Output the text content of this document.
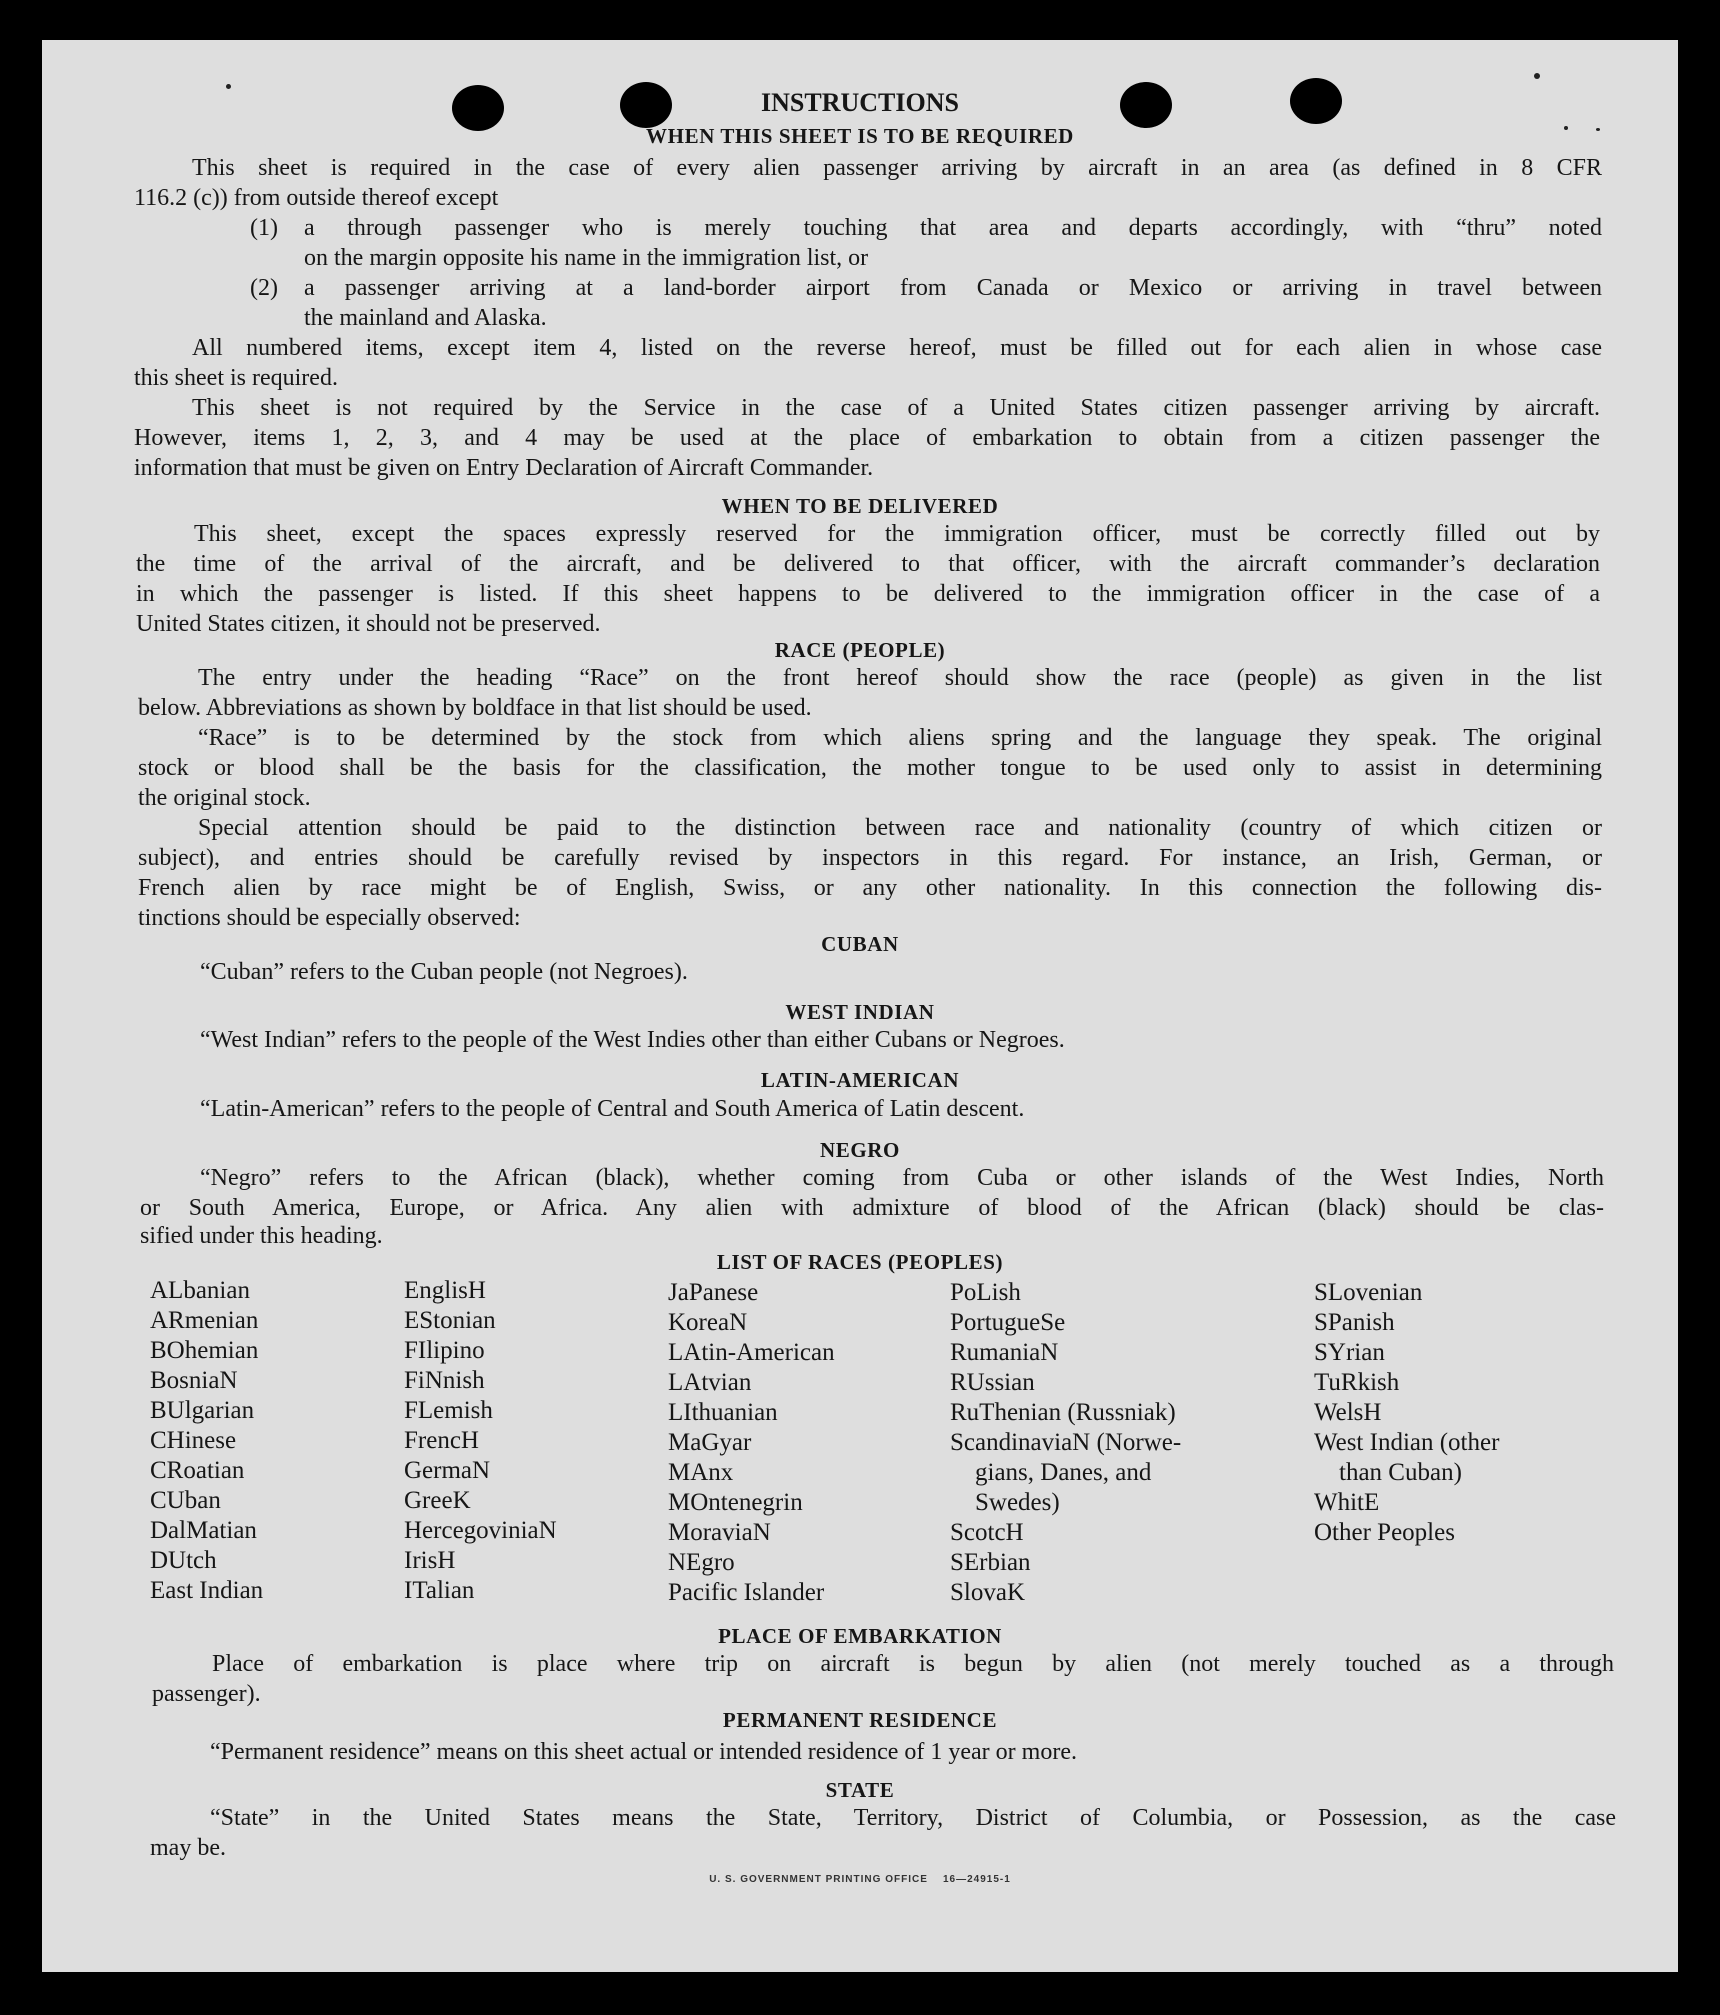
INSTRUCTIONS
WHEN THIS SHEET IS TO BE REQUIRED
This sheet is required in the case of every alien passenger arriving by aircraft in an area (as defined in 8 CFR
116.2 (c)) from outside thereof except
(1) a through passenger who is merely touching that area and departs accordingly, with “thru” noted
on the margin opposite his name in the immigration list, or
(2) a passenger arriving at a land-border airport from Canada or Mexico or arriving in travel between
the mainland and Alaska.
All numbered items, except item 4, listed on the reverse hereof, must be filled out for each alien in whose case
this sheet is required.
This sheet is not required by the Service in the case of a United States citizen passenger arriving by aircraft.
However, items 1, 2, 3, and 4 may be used at the place of embarkation to obtain from a citizen passenger the
information that must be given on Entry Declaration of Aircraft Commander.
WHEN TO BE DELIVERED
This sheet, except the spaces expressly reserved for the immigration officer, must be correctly filled out by
the time of the arrival of the aircraft, and be delivered to that officer, with the aircraft commander’s declaration
in which the passenger is listed. If this sheet happens to be delivered to the immigration officer in the case of a
United States citizen, it should not be preserved.
RACE (PEOPLE)
The entry under the heading “Race” on the front hereof should show the race (people) as given in the list
below. Abbreviations as shown by boldface in that list should be used.
“Race” is to be determined by the stock from which aliens spring and the language they speak. The original
stock or blood shall be the basis for the classification, the mother tongue to be used only to assist in determining
the original stock.
Special attention should be paid to the distinction between race and nationality (country of which citizen or
subject), and entries should be carefully revised by inspectors in this regard. For instance, an Irish, German, or
French alien by race might be of English, Swiss, or any other nationality. In this connection the following dis-
tinctions should be especially observed:
CUBAN
“Cuban” refers to the Cuban people (not Negroes).
WEST INDIAN
“West Indian” refers to the people of the West Indies other than either Cubans or Negroes.
LATIN-AMERICAN
“Latin-American” refers to the people of Central and South America of Latin descent.
NEGRO
“Negro” refers to the African (black), whether coming from Cuba or other islands of the West Indies, North
or South America, Europe, or Africa. Any alien with admixture of blood of the African (black) should be clas-
sified under this heading.
LIST OF RACES (PEOPLES)
ALbanian
ARmenian
BOhemian
BosniaN
BUlgarian
CHinese
CRoatian
CUban
DalMatian
DUtch
East Indian
EnglisH
EStonian
FIlipino
FiNnish
FLemish
FrencH
GermaN
GreeK
HercegoviniaN
IrisH
ITalian
JaPanese
KoreaN
LAtin-American
LAtvian
LIthuanian
MaGyar
MAnx
MOntenegrin
MoraviaN
NEgro
Pacific Islander
PoLish
PortugueSe
RumaniaN
RUssian
RuThenian (Russniak)
ScandinaviaN (Norwe-
gians, Danes, and
Swedes)
ScotcH
SErbian
SlovaK
SLovenian
SPanish
SYrian
TuRkish
WelsH
West Indian (other
than Cuban)
WhitE
Other Peoples
PLACE OF EMBARKATION
Place of embarkation is place where trip on aircraft is begun by alien (not merely touched as a through
passenger).
PERMANENT RESIDENCE
“Permanent residence” means on this sheet actual or intended residence of 1 year or more.
STATE
“State” in the United States means the State, Territory, District of Columbia, or Possession, as the case
may be.
U. S. GOVERNMENT PRINTING OFFICE    16—24915-1
